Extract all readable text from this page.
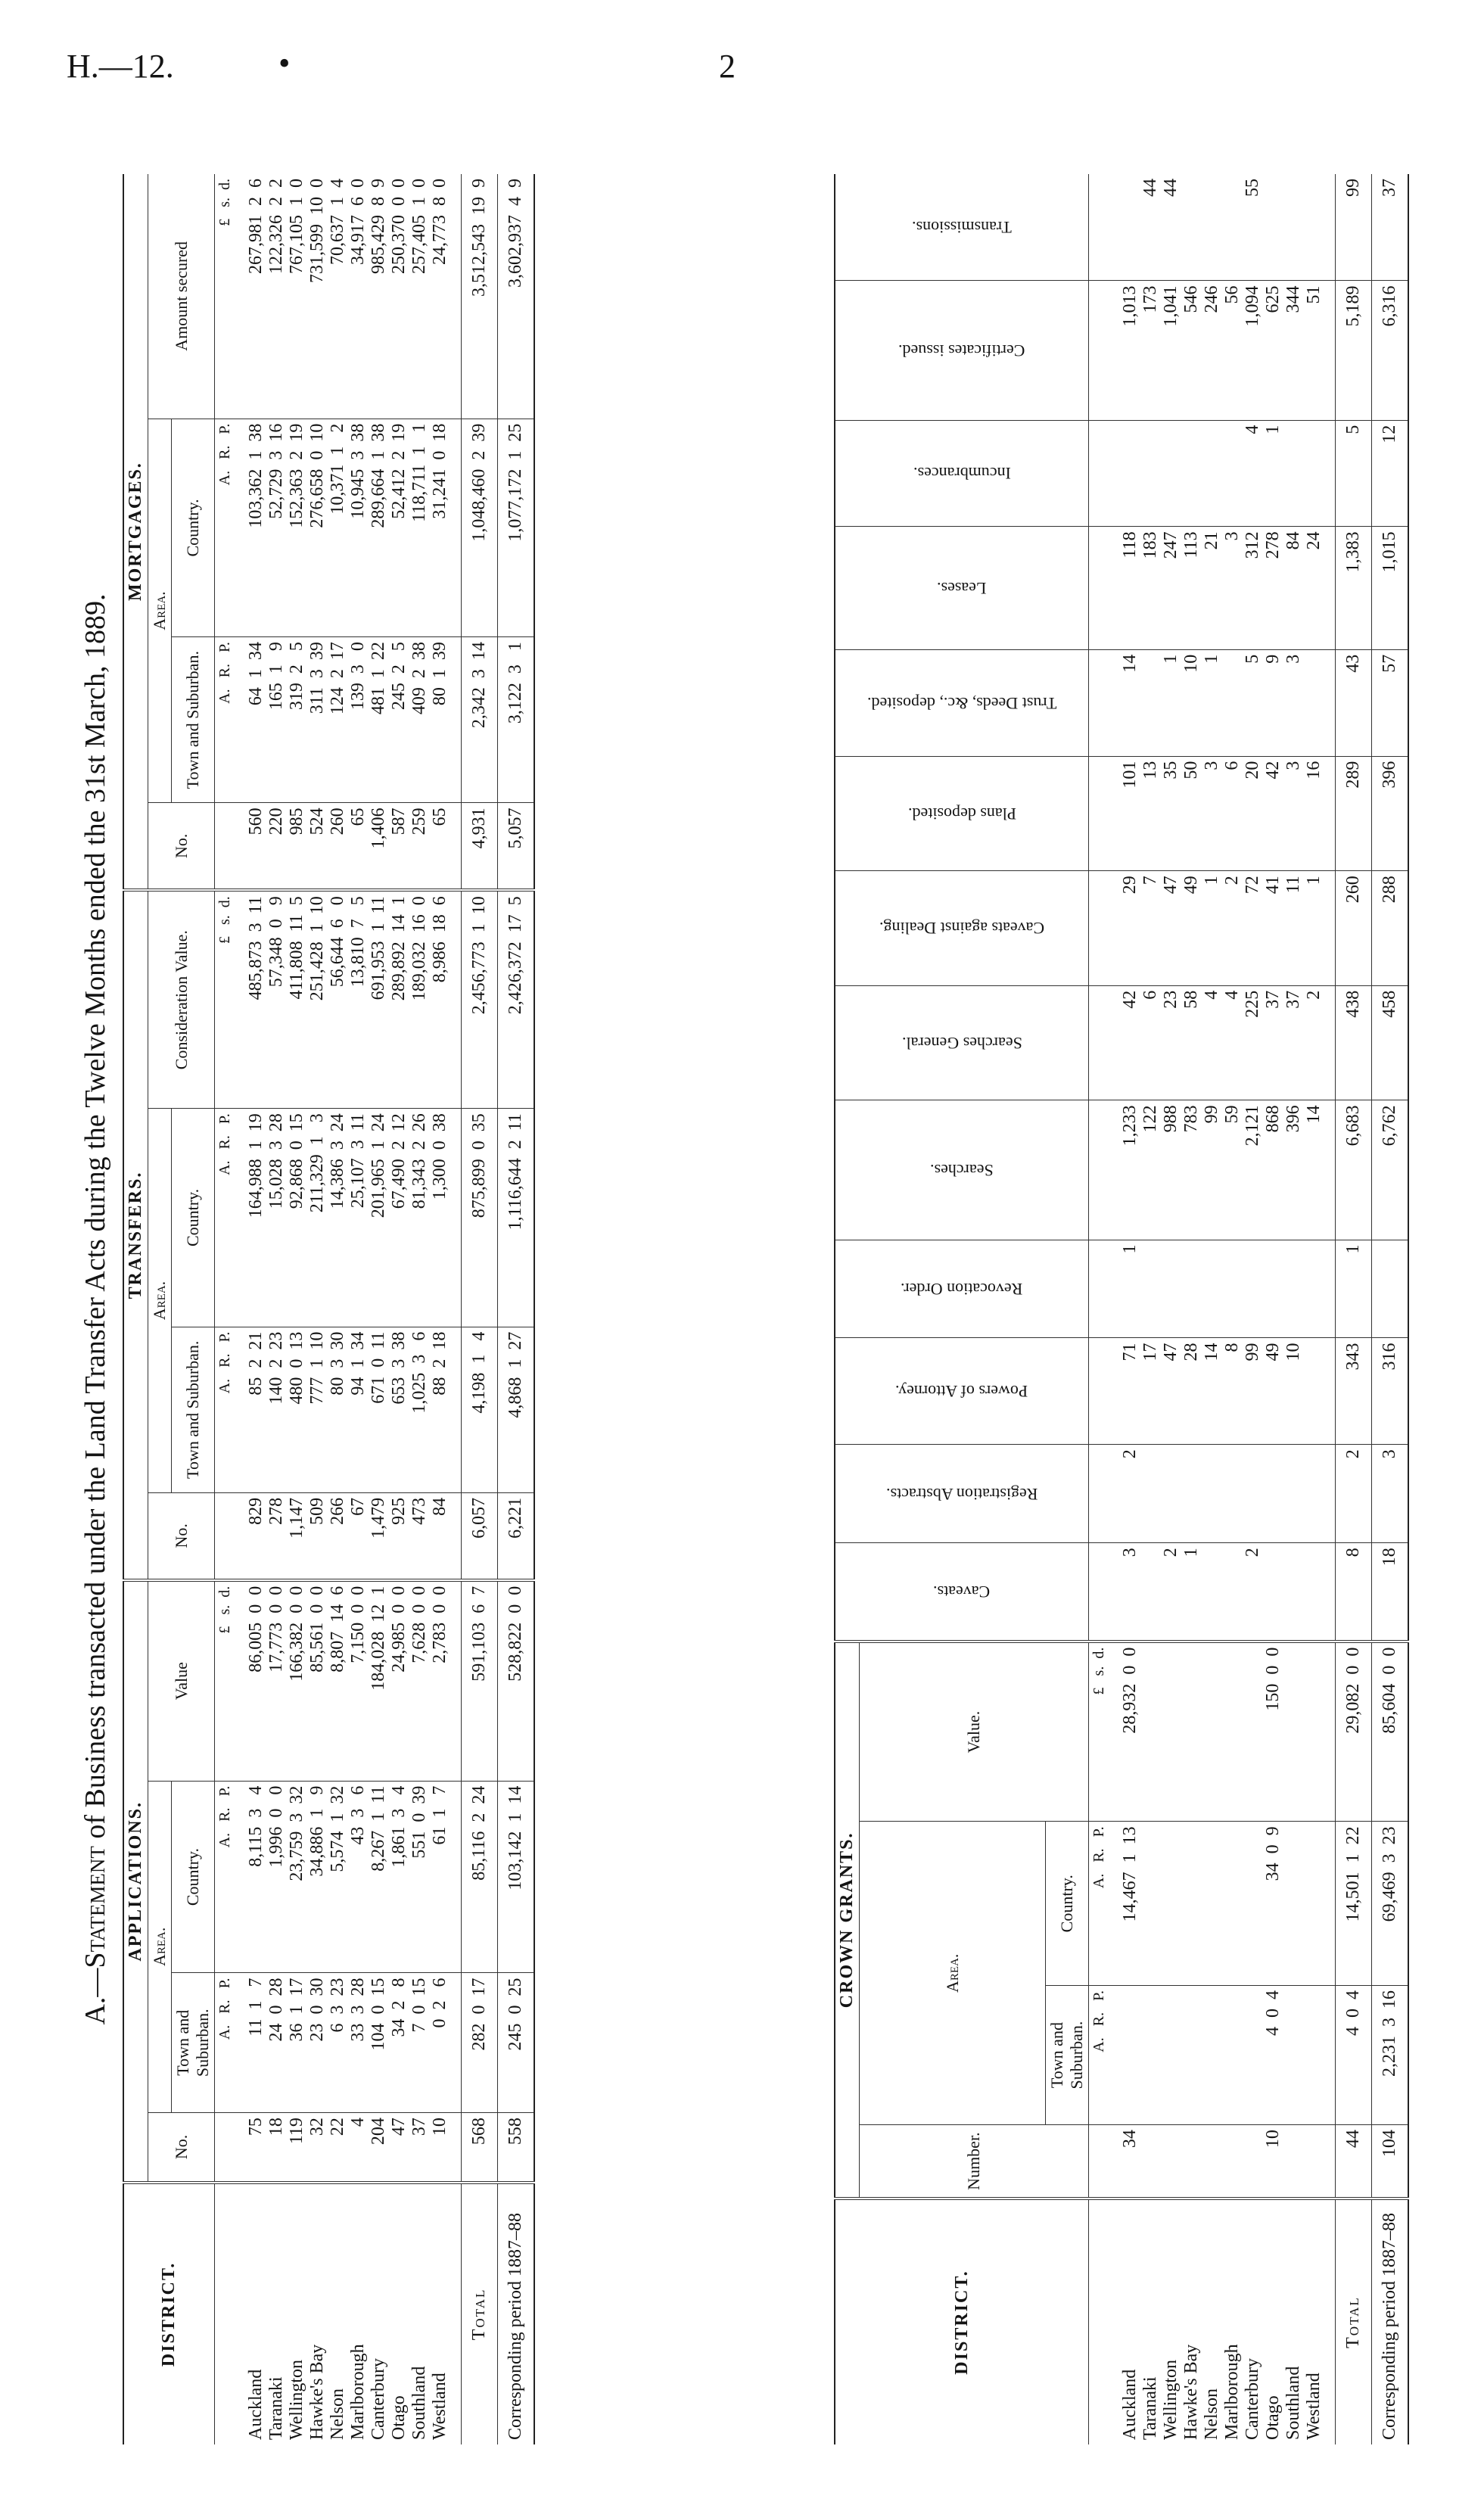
H.—12.	•	2
A.—Statement of Business transacted under the Land Transfer Acts during the Twelve Months ended the 31st March, 1889.
DISTRICT.	APPLICATIONS.				TRANSFERS.				MORTGAGES.			
	No.	Area.		Value	No.	Area.		Consideration Value.	No.	Area.		Amount secured
		Town and Suburban.	Country.			Town and Suburban.	Country.			Town and Suburban.	Country.	
		A.   R.   P.	A.   R.   P.	£   s.  d.		A.   R.   P.	A.   R.   P.	£   s.  d.		A.   R.   P.	A.   R.   P.	£   s.  d.
Auckland	75	11  1   7	8,115  3   4	86,005  0  0	829	85  2  21	164,988  1  19	485,873  3  11	560	64  1  34	103,362  1  38	267,981  2  6
Taranaki	18	24  0  28	1,996  0   0	17,773  0  0	278	140  2  23	15,028  3  28	57,348  0   9	220	165  1   9	52,729  3  16	122,326  2  2
Wellington	119	36  1  17	23,759  3  32	166,382  0  0	1,147	480  0  13	92,868  0  15	411,808  11  5	985	319  2   5	152,363  2  19	767,105  1  0
Hawke's Bay	32	23  0  30	34,886  1   9	85,561  0  0	509	777  1  10	211,329  1   3	251,428  1  10	524	311  3  39	276,658  0  10	731,599  10  0
Nelson	22	6  3  23	5,574  1  32	8,807  14  6	266	80  3  30	14,386  3  24	56,644  6   0	260	124  2  17	10,371  1   2	70,637  1  4
Marlborough	4	33  3  28	43  3   6	7,150  0  0	67	94  1  34	25,107  3  11	13,810  7   5	65	139  3   0	10,945  3  38	34,917  6  0
Canterbury	204	104  0  15	8,267  1  11	184,028  12  1	1,479	671  0  11	201,965  1  24	691,953  1  11	1,406	481  1  22	289,664  1  38	985,429  8  9
Otago	47	34  2   8	1,861  3   4	24,985  0  0	925	653  3  38	67,490  2  12	289,892  14  1	587	245  2   5	52,412  2  19	250,370  0  0
Southland	37	7  0  15	551  0  39	7,628  0  0	473	1,025  3   6	81,343  2  26	189,032  16  0	259	409  2  38	118,711  1   1	257,405  1  0
Westland	10	0  2   6	61  1   7	2,783  0  0	84	88  2  18	1,300  0  38	8,986  18  6	65	80  1  39	31,241  0  18	24,773  8  0
Total	568	282  0  17	85,116  2  24	591,103  6  7	6,057	4,198  1   4	875,899  0  35	2,456,773  1  10	4,931	2,342  3  14	1,048,460  2  39	3,512,543  19  9
Corresponding period 1887–88	558	245  0  25	103,142  1  14	528,822  0  0	6,221	4,868  1  27	1,116,644  2  11	2,426,372  17  5	5,057	3,122  3   1	1,077,172  1  25	3,602,937  4  9
DISTRICT.	CROWN GRANTS.				Caveats.	Registration Abstracts.	Powers of Attorney.	Revocation Order.	Searches.	Searches General.	Caveats against Dealing.	Plans deposited.	Trust Deeds, &c., deposited.	Leases.	Incumbrances.	Certificates issued.	Transmissions.

	Number.	Area.		Value.													
		Town and Suburban.	Country.														
		A.   R.   P.	A.   R.   P.	£   s.  d.													
Auckland	34		14,467  1  13	28,932  0  0	3	2	71	1	1,233	42	29	101	14	118		1,013	
Taranaki							17		122	6	7	13		183		173	44
Wellington					2		47		988	23	47	35	1	247		1,041	44
Hawke's Bay					1		28		783	58	49	50	10	113		546	
Nelson							14		99	4	1	3	1	21		246	
Marlborough							8		59	4	2	6		3		56	
Canterbury					2		99		2,121	225	72	20	5	312	4	1,094	55
Otago	10	4  0  4	34  0  9	150  0  0			49		868	37	41	42	9	278	1	625	
Southland							10		396	37	11	3	3	84		344	
Westland									14	2	1	16		24		51	
Total	44	4  0  4	14,501  1  22	29,082  0  0	8	2	343	1	6,683	438	260	289	43	1,383	5	5,189	99
Corresponding period 1887–88	104	2,231  3  16	69,469  3  23	85,604  0  0	18	3	316		6,762	458	288	396	57	1,015	12	6,316	37
